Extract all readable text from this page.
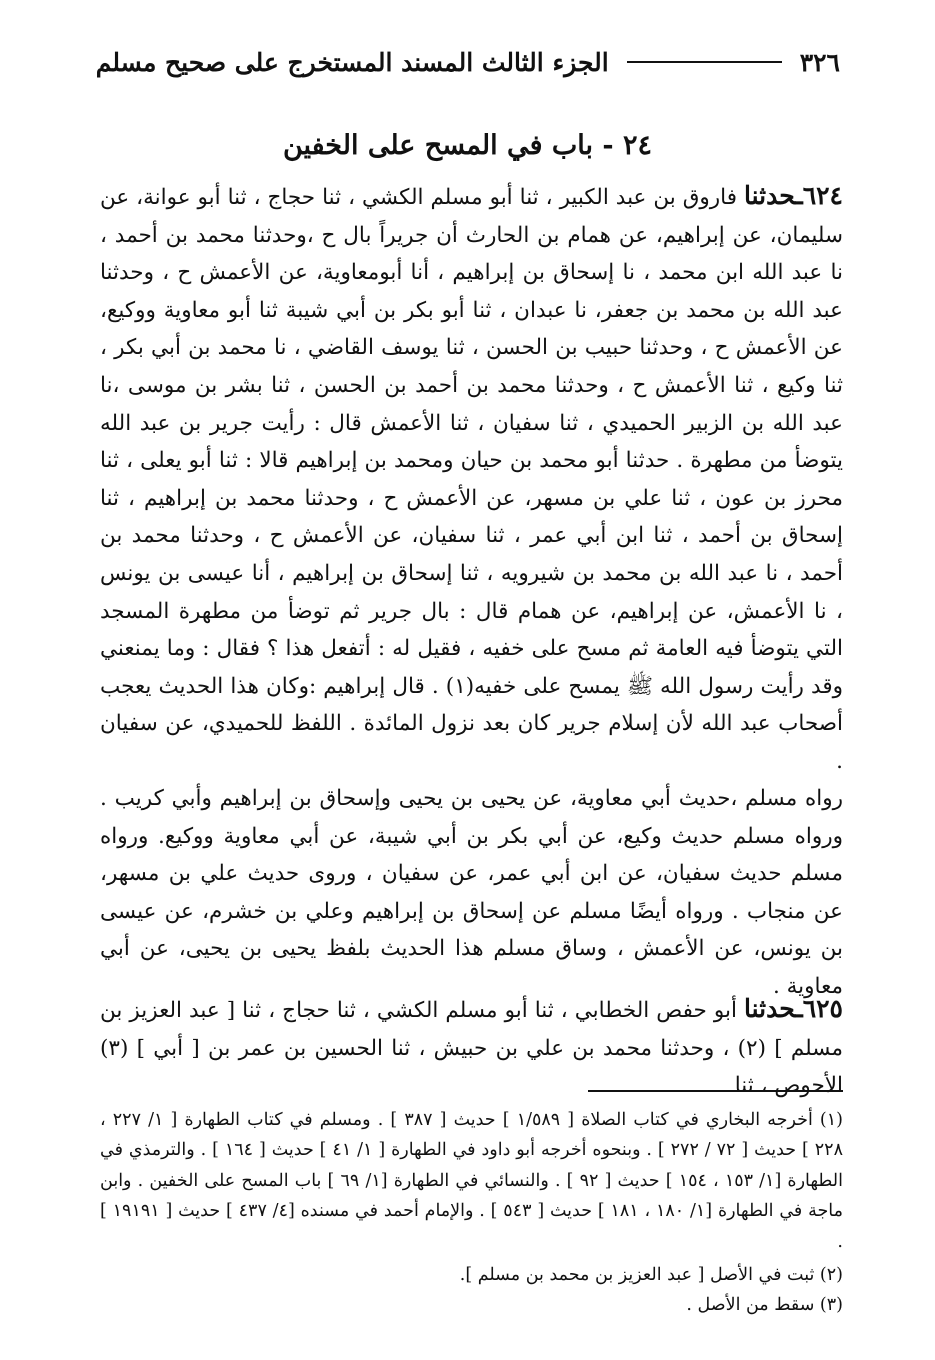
٣٢٦
الجزء الثالث المسند المستخرج على صحيح مسلم
٢٤ - باب في المسح على الخفين

٦٢٤ـحدثنا فاروق بن عبد الكبير ، ثنا أبو مسلم الكشي ، ثنا حجاج ، ثنا أبو عوانة، عن سليمان، عن إبراهيم، عن همام بن الحارث أن جريراً بال ح ،وحدثنا محمد بن أحمد ، نا عبد الله ابن محمد ، نا إسحاق بن إبراهيم ، أنا أبومعاوية، عن الأعمش ح ، وحدثنا عبد الله بن محمد بن جعفر، نا عبدان ، ثنا أبو بكر بن أبي شيبة ثنا أبو معاوية ووكيع، عن الأعمش ح ، وحدثنا حبيب بن الحسن ، ثنا يوسف القاضي ، نا محمد بن أبي بكر ، ثنا وكيع ، ثنا الأعمش ح ، وحدثنا محمد بن أحمد بن الحسن ، ثنا بشر بن موسى ،نا عبد الله بن الزبير الحميدي ، ثنا سفيان ، ثنا الأعمش قال : رأيت جرير بن عبد الله يتوضأ من مطهرة . حدثنا أبو محمد بن حيان ومحمد بن إبراهيم قالا : ثنا أبو يعلى ، ثنا محرز بن عون ، ثنا علي بن مسهر، عن الأعمش ح ، وحدثنا محمد بن إبراهيم ، ثنا إسحاق بن أحمد ، ثنا ابن أبي عمر ، ثنا سفيان، عن الأعمش ح ، وحدثنا محمد بن أحمد ، نا عبد الله بن محمد بن شيرويه ، ثنا إسحاق بن إبراهيم ، أنا عيسى بن يونس ، نا الأعمش، عن إبراهيم، عن همام قال : بال جرير ثم توضأ من مطهرة المسجد التي يتوضأ فيه العامة ثم مسح على خفيه ، فقيل له : أتفعل هذا ؟ فقال : وما يمنعني وقد رأيت رسول الله ﷺ يمسح على خفيه(١) . قال إبراهيم :وكان هذا الحديث يعجب أصحاب عبد الله لأن إسلام جرير كان بعد نزول المائدة . اللفظ للحميدي، عن سفيان .

رواه مسلم ،حديث أبي معاوية، عن يحيى بن يحيى وإسحاق بن إبراهيم وأبي كريب . ورواه مسلم حديث وكيع، عن أبي بكر بن أبي شيبة، عن أبي معاوية ووكيع. ورواه مسلم حديث سفيان، عن ابن أبي عمر، عن سفيان ، وروى حديث علي بن مسهر، عن منجاب . ورواه أيضًا مسلم عن إسحاق بن إبراهيم وعلي بن خشرم، عن عيسى بن يونس، عن الأعمش ، وساق مسلم هذا الحديث بلفظ يحيى بن يحيى، عن أبي معاوية .

٦٢٥ـحدثنا أبو حفص الخطابي ، ثنا أبو مسلم الكشي ، ثنا حجاج ، ثنا [ عبد العزيز بن مسلم ] (٢) ، وحدثنا محمد بن علي بن حبيش ، ثنا الحسين بن عمر بن [ أبي ] (٣) الأحوص ، ثنا

(١) أخرجه البخاري في كتاب الصلاة [ ١/٥٨٩ ] حديث [ ٣٨٧ ] . ومسلم في كتاب الطهارة [ ١/ ٢٢٧ ، ٢٢٨ ] حديث [ ٧٢ / ٢٧٢ ] . وبنحوه أخرجه أبو داود في الطهارة [ ١/ ٤١ ] حديث [ ١٦٤ ] . والترمذي في الطهارة [١/ ١٥٣ ، ١٥٤ ] حديث [ ٩٢ ] . والنسائي في الطهارة [١/ ٦٩ ] باب المسح على الخفين . وابن ماجة في الطهارة [١/ ١٨٠ ، ١٨١ ] حديث [ ٥٤٣ ] . والإمام أحمد في مسنده [٤/ ٤٣٧ ] حديث [ ١٩١٩١ ] .

(٢) ثبت في الأصل [ عبد العزيز بن محمد بن مسلم ].

(٣) سقط من الأصل .
